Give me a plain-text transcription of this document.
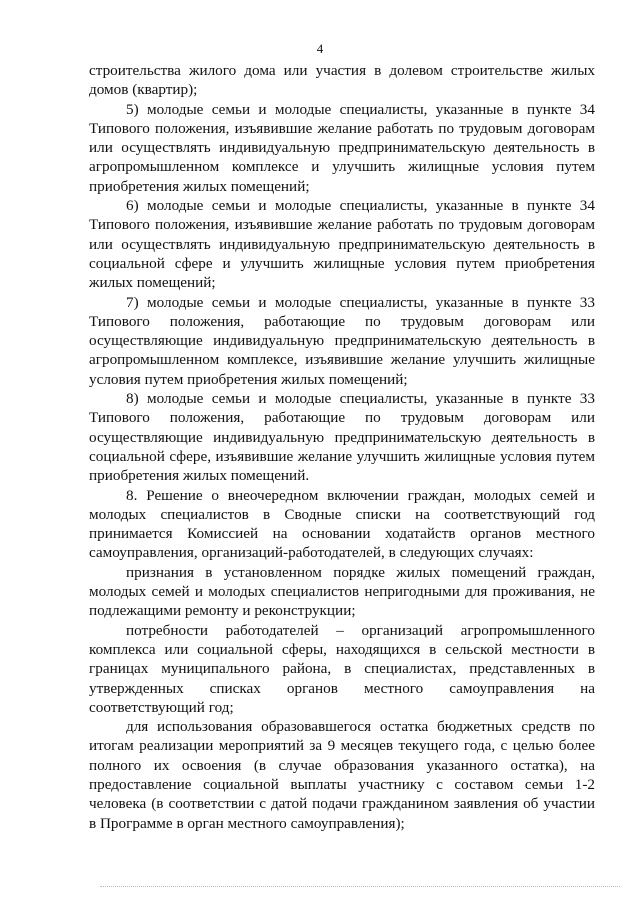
4

строительства жилого дома или участия в долевом строительстве жилых домов (квартир);

5) молодые семьи и молодые специалисты, указанные в пункте 34 Типового положения, изъявившие желание работать по трудовым договорам или осуществлять индивидуальную предпринимательскую деятельность в агропромышленном комплексе и улучшить жилищные условия путем приобретения жилых помещений;

6) молодые семьи и молодые специалисты, указанные в пункте 34 Типового положения, изъявившие желание работать по трудовым договорам или осуществлять индивидуальную предпринимательскую деятельность в социальной сфере и улучшить жилищные условия путем приобретения жилых помещений;

7) молодые семьи и молодые специалисты, указанные в пункте 33 Типового положения, работающие по трудовым договорам или осуществляющие индивидуальную предпринимательскую деятельность в агропромышленном комплексе, изъявившие желание улучшить жилищные условия путем приобретения жилых помещений;

8) молодые семьи и молодые специалисты, указанные в пункте 33 Типового положения, работающие по трудовым договорам или осуществляющие индивидуальную предпринимательскую деятельность в социальной сфере, изъявившие желание улучшить жилищные условия путем приобретения жилых помещений.

8. Решение о внеочередном включении граждан, молодых семей и молодых специалистов в Сводные списки на соответствующий год принимается Комиссией на основании ходатайств органов местного самоуправления, организаций-работодателей, в следующих случаях:

признания в установленном порядке жилых помещений граждан, молодых семей и молодых специалистов непригодными для проживания, не подлежащими ремонту и реконструкции;

потребности работодателей – организаций агропромышленного комплекса или социальной сферы, находящихся в сельской местности в границах муниципального района, в специалистах, представленных в утвержденных списках органов местного самоуправления на соответствующий год;

для использования образовавшегося остатка бюджетных средств по итогам реализации мероприятий за 9 месяцев текущего года, с целью более полного их освоения (в случае образования указанного остатка), на предоставление социальной выплаты участнику с составом семьи 1-2 человека (в соответствии с датой подачи гражданином заявления об участии в Программе в орган местного самоуправления);
